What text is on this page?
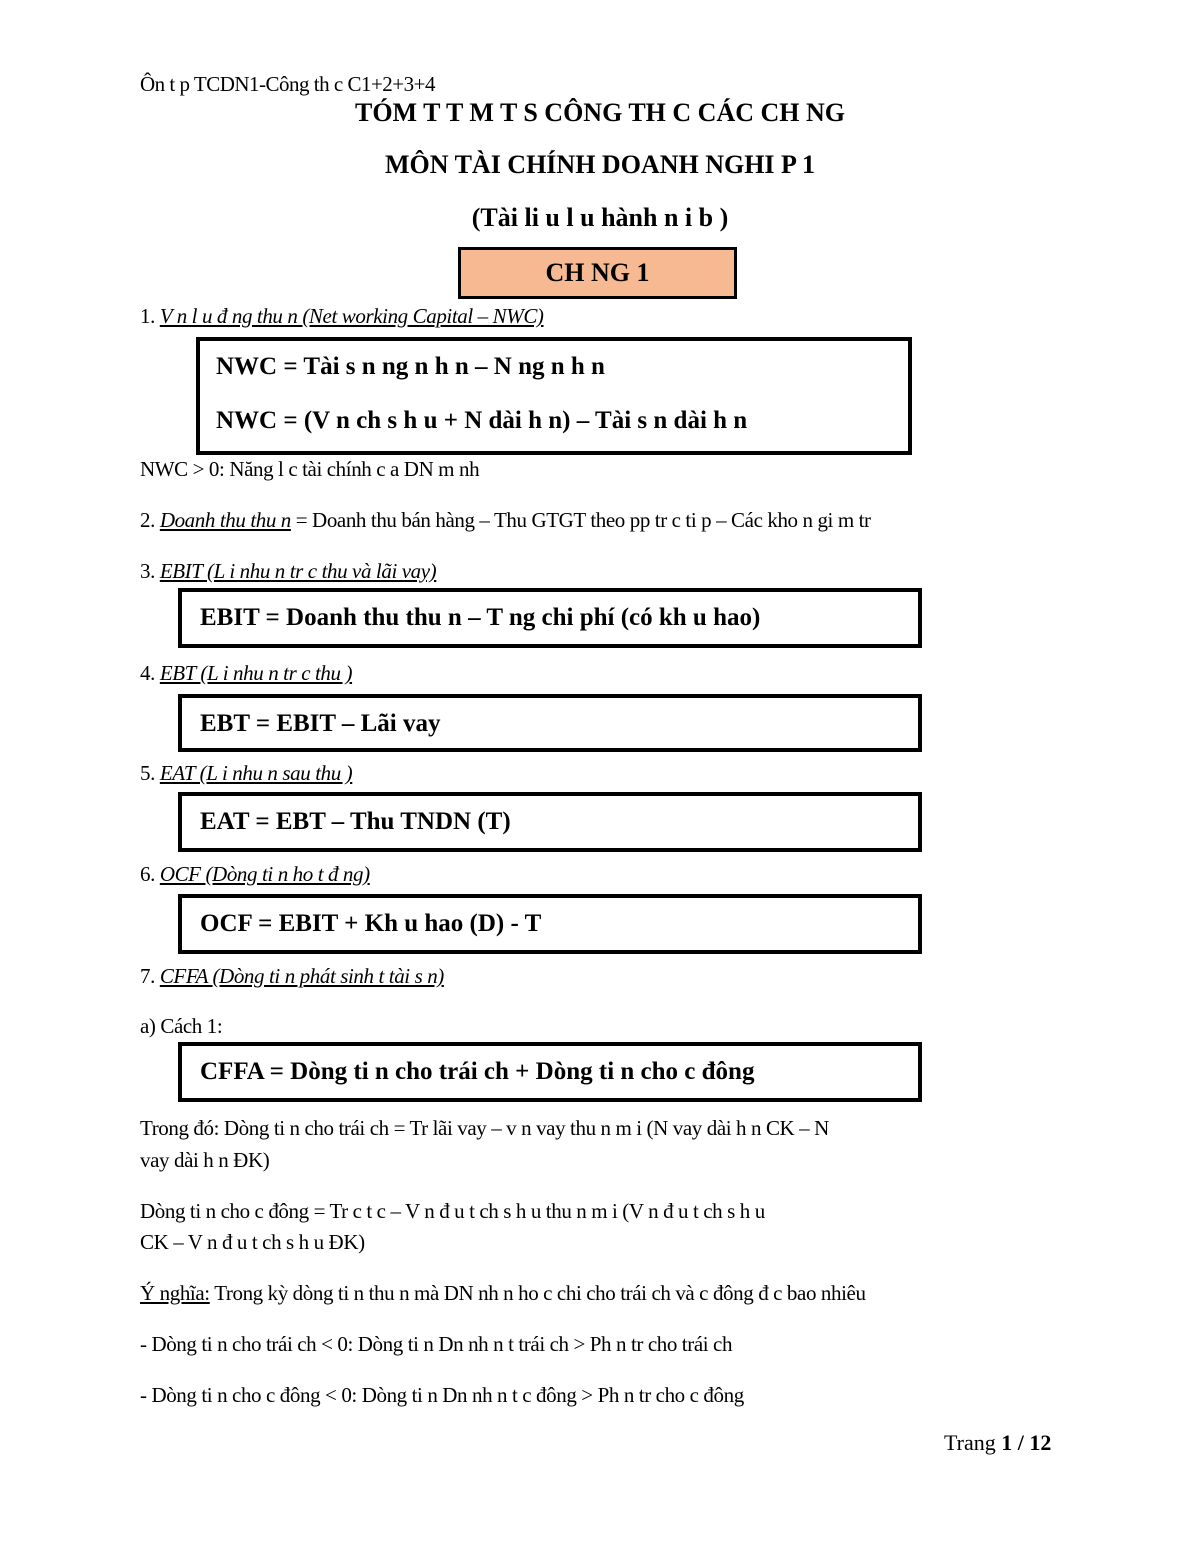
Ôn t p TCDN1-Công th c C1+2+3+4
TÓM T T M T S CÔNG TH C CÁC CH NG
MÔN TÀI CHÍNH DOANH NGHI P 1
(Tài li u l u hành n i b )
CH NG 1
1. V n l u đ ng thu n (Net working Capital – NWC)
NWC = Tài s n ng n h n – N ng n h n
NWC = (V n ch s h u + N dài h n) – Tài s n dài h n
NWC > 0: Năng l c tài chính c a DN m nh
2. Doanh thu thu n = Doanh thu bán hàng – Thu GTGT theo pp tr c ti p – Các kho n gi m tr
3. EBIT (L i nhu n tr c thu và lãi vay)
EBIT = Doanh thu thu n – T ng chi phí (có kh u hao)
4. EBT (L i nhu n tr c thu )
EBT = EBIT – Lãi vay
5. EAT (L i nhu n sau thu )
EAT = EBT – Thu TNDN (T)
6. OCF (Dòng ti n ho t đ ng)
OCF = EBIT + Kh u hao (D) - T
7. CFFA (Dòng ti n phát sinh t tài s n)
a) Cách 1:
CFFA = Dòng ti n cho trái ch + Dòng ti n cho c đông
Trong đó: Dòng ti n cho trái ch = Tr lãi vay – v n vay thu n m i (N vay dài h n CK – N
vay dài h n ĐK)
Dòng ti n cho c đông = Tr c t c – V n đ u t ch s h u thu n m i (V n đ u t ch s h u
CK – V n đ u t ch s h u ĐK)
Ý nghĩa: Trong kỳ dòng ti n thu n mà DN nh n ho c chi cho trái ch và c đông đ c bao nhiêu
- Dòng ti n cho trái ch < 0: Dòng ti n Dn nh n t trái ch > Ph n tr cho trái ch
- Dòng ti n cho c đông < 0: Dòng ti n Dn nh n t c đông > Ph n tr cho c đông
Trang 1 / 12
